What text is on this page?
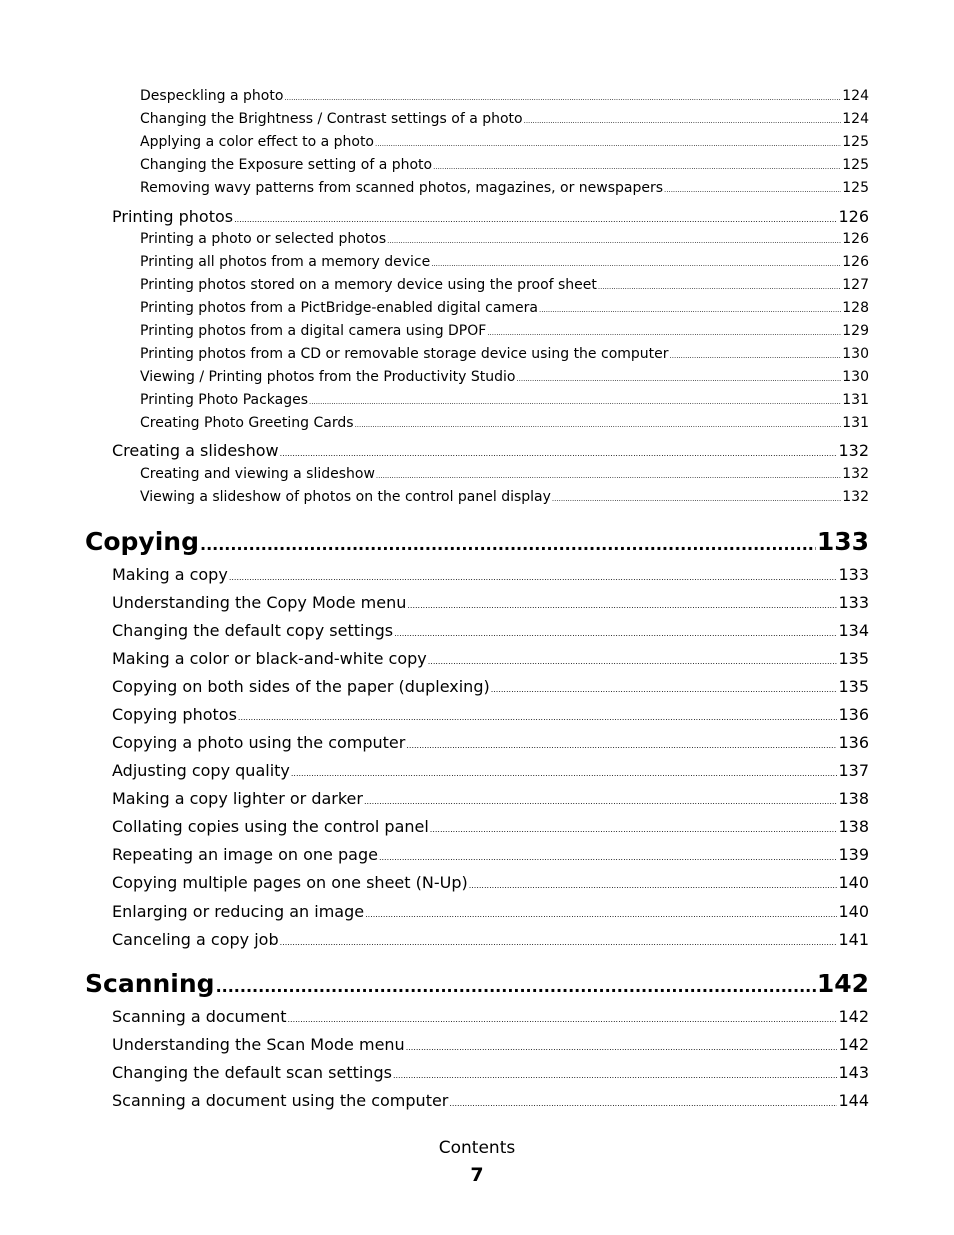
Despeckling a photo .....	124
Changing the Brightness / Contrast settings of a photo .....	124
Applying a color effect to a photo .....	125
Changing the Exposure setting of a photo .....	125
Removing wavy patterns from scanned photos, magazines, or newspapers .....	125
Printing photos .....	126
Printing a photo or selected photos .....	126
Printing all photos from a memory device .....	126
Printing photos stored on a memory device using the proof sheet .....	127
Printing photos from a PictBridge-enabled digital camera .....	128
Printing photos from a digital camera using DPOF .....	129
Printing photos from a CD or removable storage device using the computer .....	130
Viewing / Printing photos from the Productivity Studio .....	130
Printing Photo Packages .....	131
Creating Photo Greeting Cards .....	131
Creating a slideshow .....	132
Creating and viewing a slideshow .....	132
Viewing a slideshow of photos on the control panel display .....	132
Copying .....	133
Making a copy .....	133
Understanding the Copy Mode menu .....	133
Changing the default copy settings .....	134
Making a color or black-and-white copy .....	135
Copying on both sides of the paper (duplexing) .....	135
Copying photos .....	136
Copying a photo using the computer .....	136
Adjusting copy quality .....	137
Making a copy lighter or darker .....	138
Collating copies using the control panel .....	138
Repeating an image on one page .....	139
Copying multiple pages on one sheet (N-Up) .....	140
Enlarging or reducing an image .....	140
Canceling a copy job .....	141
Scanning .....	142
Scanning a document .....	142
Understanding the Scan Mode menu .....	142
Changing the default scan settings .....	143
Scanning a document using the computer .....	144
Contents
7
